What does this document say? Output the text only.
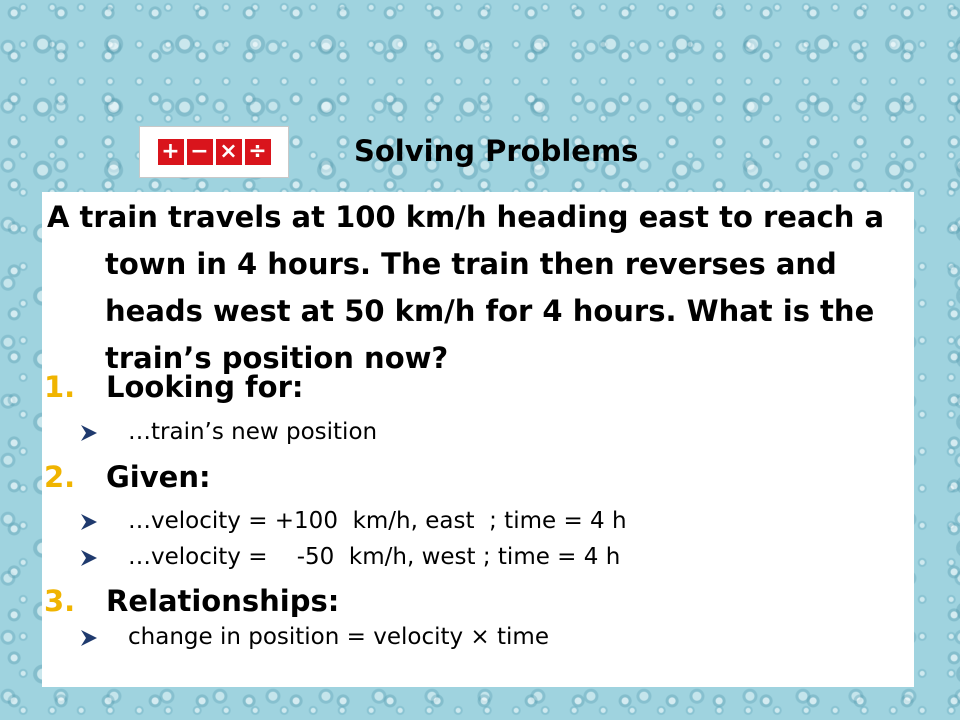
+ − × ÷	Solving Problems

A train travels at 100 km/h heading east to reach a town in 4 hours. The train then reverses and heads west at 50 km/h for 4 hours. What is the train’s position now?

1. Looking for:
…train’s new position
2. Given:
…velocity = +100  km/h, east  ; time = 4 h
…velocity =    -50  km/h, west ; time = 4 h
3. Relationships:
change in position = velocity × time
